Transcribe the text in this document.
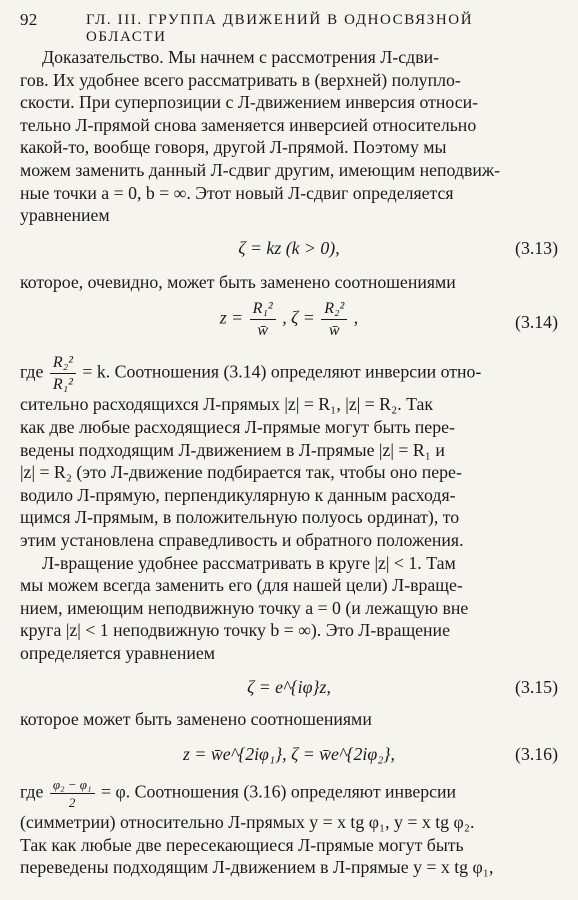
92	ГЛ. III. ГРУППА ДВИЖЕНИЙ В ОДНОСВЯЗНОЙ ОБЛАСТИ
Доказательство. Мы начнем с рассмотрения Л-сдви-
гов. Их удобнее всего рассматривать в (верхней) полупло-
скости. При суперпозиции с Л-движением инверсия относи-
тельно Л-прямой снова заменяется инверсией относительно
какой-то, вообще говоря, другой Л-прямой. Поэтому мы
можем заменить данный Л-сдвиг другим, имеющим неподвиж-
ные точки a = 0, b = ∞. Этот новый Л-сдвиг определяется
уравнением
ζ = kz (k > 0),	(3.13)
которое, очевидно, может быть заменено соотношениями
$z = \frac{\text{R₁²}}{w̄}$ , $\zeta = \frac{\text{R₂²}}{w̄}$ ,	(3.14)
где $\frac{\text{R₂²}}{\text{R₁²}} = k$. Соотношения (3.14) определяют инверсии отно-
сительно расходящихся Л-прямых |z| = R₁, |z| = R₂. Так
как две любые расходящиеся Л-прямые могут быть пере-
ведены подходящим Л-движением в Л-прямые |z| = R₁ и
|z| = R₂ (это Л-движение подбирается так, чтобы оно пере-
водило Л-прямую, перпендикулярную к данным расходя-
щимся Л-прямым, в положительную полуось ординат), то
этим установлена справедливость и обратного положения.
Л-вращение удобнее рассматривать в круге |z| < 1. Там
мы можем всегда заменить его (для нашей цели) Л-враще-
нием, имеющим неподвижную точку a = 0 (и лежащую вне
круга |z| < 1 неподвижную точку b = ∞). Это Л-вращение
определяется уравнением
ζ = e^{iφ}z,	(3.15)
которое может быть заменено соотношениями
z = w̄e^{2iφ₁}, ζ = w̄e^{2iφ₂},	(3.16)
где $\frac{\text{φ₂ − φ₁}}{2} = \varphi$. Соотношения (3.16) определяют инверсии
(симметрии) относительно Л-прямых y = x tg φ₁, y = x tg φ₂.
Так как любые две пересекающиеся Л-прямые могут быть
переведены подходящим Л-движением в Л-прямые y = x tg φ₁,
